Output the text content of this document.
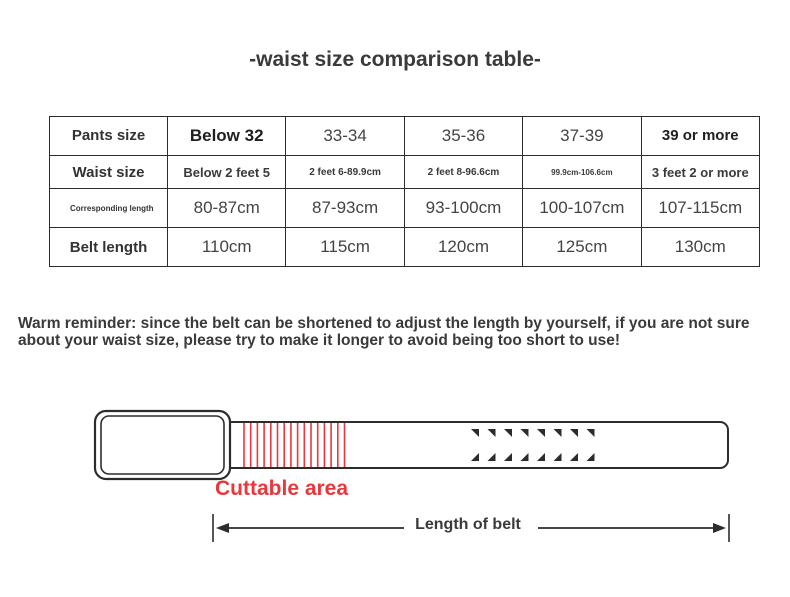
-waist size comparison table-
Pants size	Below 32	33-34	35-36	37-39	39 or more
Waist size	Below 2 feet 5	2 feet 6-89.9cm	2 feet 8-96.6cm	99.9cm-106.6cm	3 feet 2 or more
Corresponding length	80-87cm	87-93cm	93-100cm	100-107cm	107-115cm
Belt length	110cm	115cm	120cm	125cm	130cm
Warm reminder: since the belt can be shortened to adjust the length by yourself, if you are not sure about your waist size, please try to make it longer to avoid being too short to use!
Cuttable area
Length of belt
